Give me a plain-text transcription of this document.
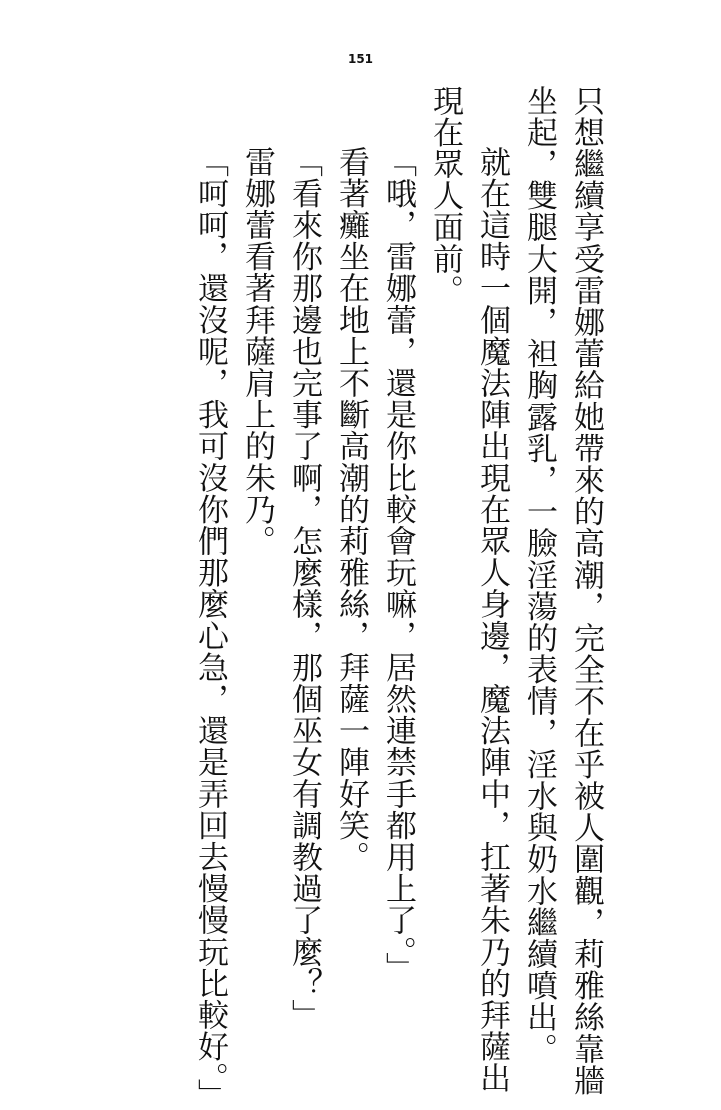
151
只想繼續享受雷娜蕾給她帶來的高潮，完全不在乎被人圍觀，莉雅絲靠牆
坐起，雙腿大開，袒胸露乳，一臉淫蕩的表情，淫水與奶水繼續噴出。
就在這時一個魔法陣出現在眾人身邊，魔法陣中，扛著朱乃的拜薩出
現在眾人面前。
「哦，雷娜蕾，還是你比較會玩嘛，居然連禁手都用上了。」
看著癱坐在地上不斷高潮的莉雅絲，拜薩一陣好笑。
「看來你那邊也完事了啊，怎麼樣，那個巫女有調教過了麼？」
雷娜蕾看著拜薩肩上的朱乃。
「呵呵，還沒呢，我可沒你們那麼心急，還是弄回去慢慢玩比較好。」
